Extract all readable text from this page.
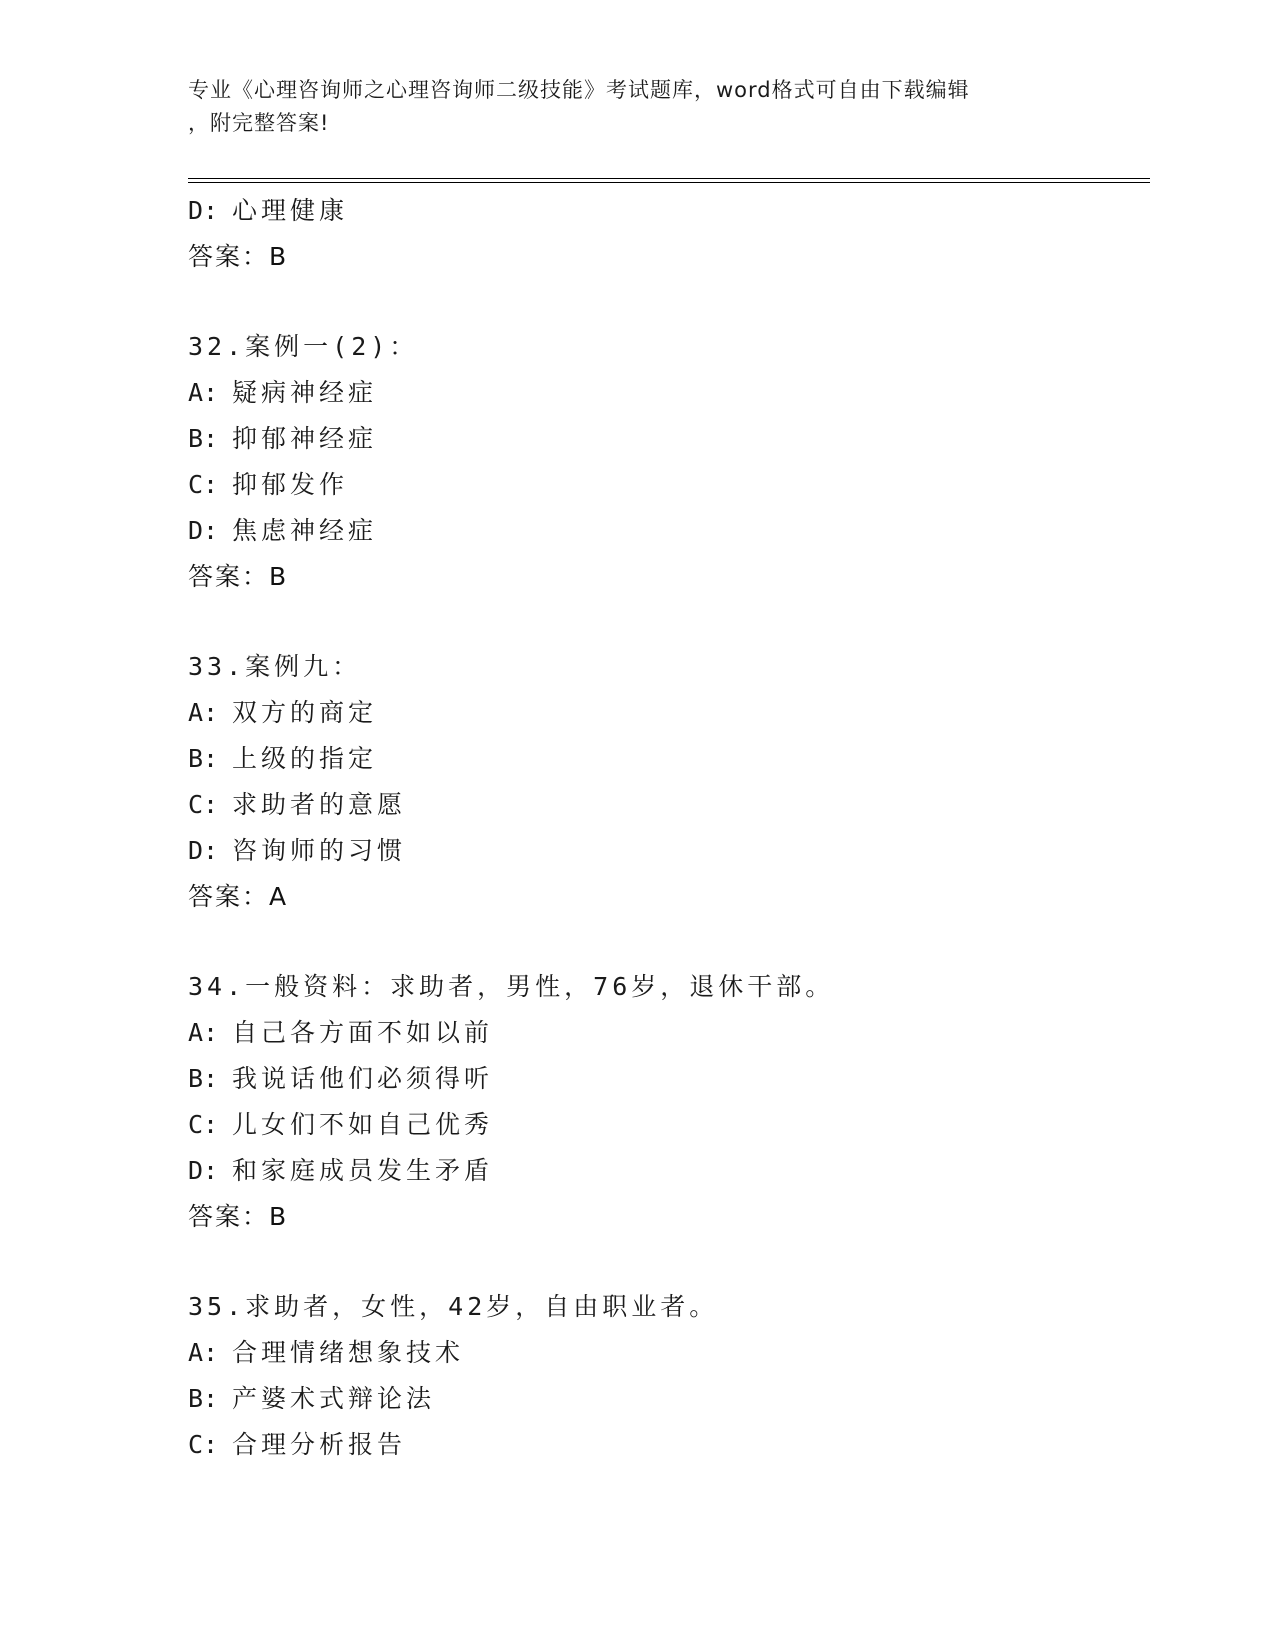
专业《心理咨询师之心理咨询师二级技能》考试题库，word格式可自由下载编辑
，附完整答案!
D: 心理健康
答案：B
32.案例一(2)：
A: 疑病神经症
B: 抑郁神经症
C: 抑郁发作
D: 焦虑神经症
答案：B
33.案例九：
A: 双方的商定
B: 上级的指定
C: 求助者的意愿
D: 咨询师的习惯
答案：A
34.一般资料：求助者，男性，76岁，退休干部。
A: 自己各方面不如以前
B: 我说话他们必须得听
C: 儿女们不如自己优秀
D: 和家庭成员发生矛盾
答案：B
35.求助者，女性，42岁，自由职业者。
A: 合理情绪想象技术
B: 产婆术式辩论法
C: 合理分析报告
